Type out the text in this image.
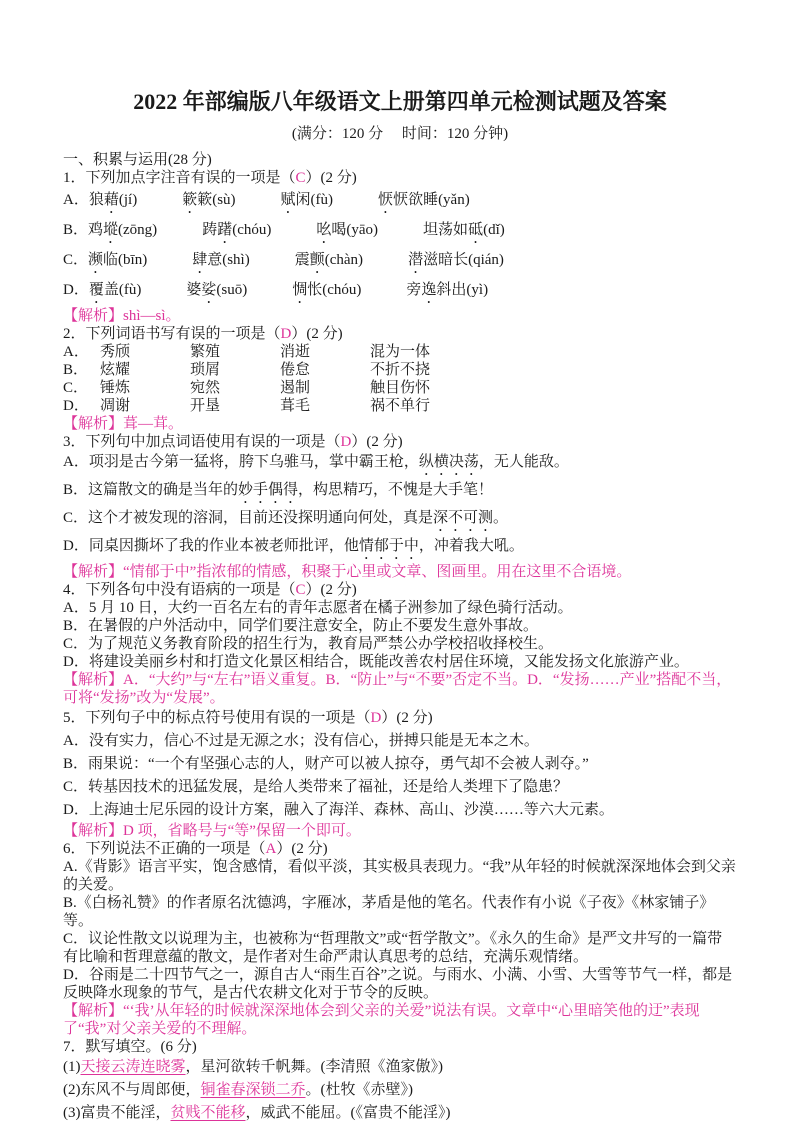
2022 年部编版八年级语文上册第四单元检测试题及答案

(满分：120 分　 时间：120 分钟)

一、积累与运用(28 分)

1．下列加点字注音有误的一项是（C）(2 分)

A．狼藉(jí)　　　簌簌(sù)　　　赋闲(fù)　　　恹恹欲睡(yǎn)

B．鸡㙡(zōng)　　　踌躇(chóu)　　　吆喝(yāo)　　　坦荡如砥(dǐ)

C．濒临(bīn)　　　肆意(shì)　　　震颤(chàn)　　　潜滋暗长(qián)

D．覆盖(fù)　　　婆娑(suō)　　　惆怅(chóu)　　　旁逸斜出(yì)

【解析】shì—sì。

2．下列词语书写有误的一项是（D）(2 分)

A． 秀颀	繁殖	消逝	混为一体

B． 炫耀	琐屑	倦怠	不折不挠

C． 锤炼	宛然	遏制	触目伤怀

D． 凋谢	开垦	葺毛	祸不单行

【解析】葺—茸。

3．下列句中加点词语使用有误的一项是（D）(2 分)

A．项羽是古今第一猛将，胯下乌骓马，掌中霸王枪，纵横决荡，无人能敌。

B．这篇散文的确是当年的妙手偶得，构思精巧，不愧是大手笔！

C．这个才被发现的溶洞，目前还没探明通向何处，真是深不可测。

D．同桌因撕坏了我的作业本被老师批评，他情郁于中，冲着我大吼。

【解析】“情郁于中”指浓郁的情感，积聚于心里或文章、图画里。用在这里不合语境。

4．下列各句中没有语病的一项是（C）(2 分)

A．5 月 10 日，大约一百名左右的青年志愿者在橘子洲参加了绿色骑行活动。

B．在暑假的户外活动中，同学们要注意安全，防止不要发生意外事故。

C．为了规范义务教育阶段的招生行为，教育局严禁公办学校招收择校生。

D．将建设美丽乡村和打造文化景区相结合，既能改善农村居住环境，又能发扬文化旅游产业。

【解析】A．“大约”与“左右”语义重复。B．“防止”与“不要”否定不当。D．“发扬……产业”搭配不当，可将“发扬”改为“发展”。

5．下列句子中的标点符号使用有误的一项是（D）(2 分)

A．没有实力，信心不过是无源之水；没有信心，拼搏只能是无本之木。

B．雨果说：“一个有坚强心志的人，财产可以被人掠夺，勇气却不会被人剥夺。”

C．转基因技术的迅猛发展，是给人类带来了福祉，还是给人类埋下了隐患？

D．上海迪士尼乐园的设计方案，融入了海洋、森林、高山、沙漠……等六大元素。

【解析】D 项，省略号与“等”保留一个即可。

6．下列说法不正确的一项是（A）(2 分)

A.《背影》语言平实，饱含感情，看似平淡，其实极具表现力。“我”从年轻的时候就深深地体会到父亲的关爱。

B.《白杨礼赞》的作者原名沈德鸿，字雁冰，茅盾是他的笔名。代表作有小说《子夜》《林家铺子》等。

C．议论性散文以说理为主，也被称为“哲理散文”或“哲学散文”。《永久的生命》是严文井写的一篇带有比喻和哲理意蕴的散文，是作者对生命严肃认真思考的总结，充满乐观情绪。

D．谷雨是二十四节气之一，源自古人“雨生百谷”之说。与雨水、小满、小雪、大雪等节气一样，都是反映降水现象的节气，是古代农耕文化对于节令的反映。

【解析】“‘我’从年轻的时候就深深地体会到父亲的关爱”说法有误。文章中“心里暗笑他的迂”表现了“我”对父亲关爱的不理解。

7．默写填空。(6 分)

(1)天接云涛连晓雾，星河欲转千帆舞。(李清照《渔家傲》)

(2)东风不与周郎便，铜雀春深锁二乔。(杜牧《赤壁》)

(3)富贵不能淫，贫贱不能移，威武不能屈。(《富贵不能淫》)
